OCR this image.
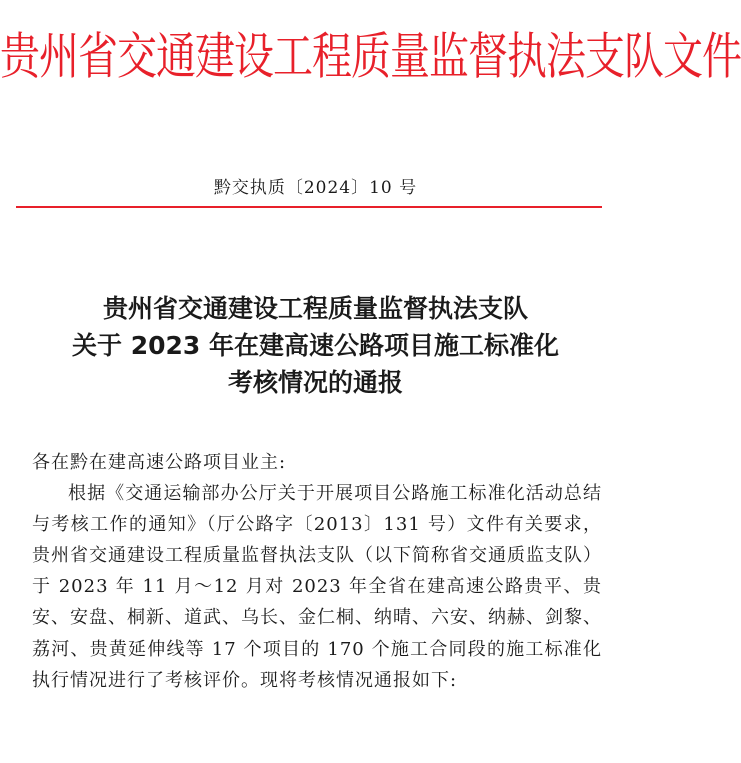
贵州省交通建设工程质量监督执法支队文件
黔交执质〔2024〕10 号
贵州省交通建设工程质量监督执法支队
关于 2023 年在建高速公路项目施工标准化
考核情况的通报

各在黔在建高速公路项目业主:

根据《交通运输部办公厅关于开展项目公路施工标准化活动总结与考核工作的通知》（厅公路字〔2013〕131 号）文件有关要求，贵州省交通建设工程质量监督执法支队（以下简称省交通质监支队）于 2023 年 11 月～12 月对 2023 年全省在建高速公路贵平、贵安、安盘、桐新、道武、乌长、金仁桐、纳晴、六安、纳赫、剑黎、荔河、贵黄延伸线等 17 个项目的 170 个施工合同段的施工标准化执行情况进行了考核评价。现将考核情况通报如下:
